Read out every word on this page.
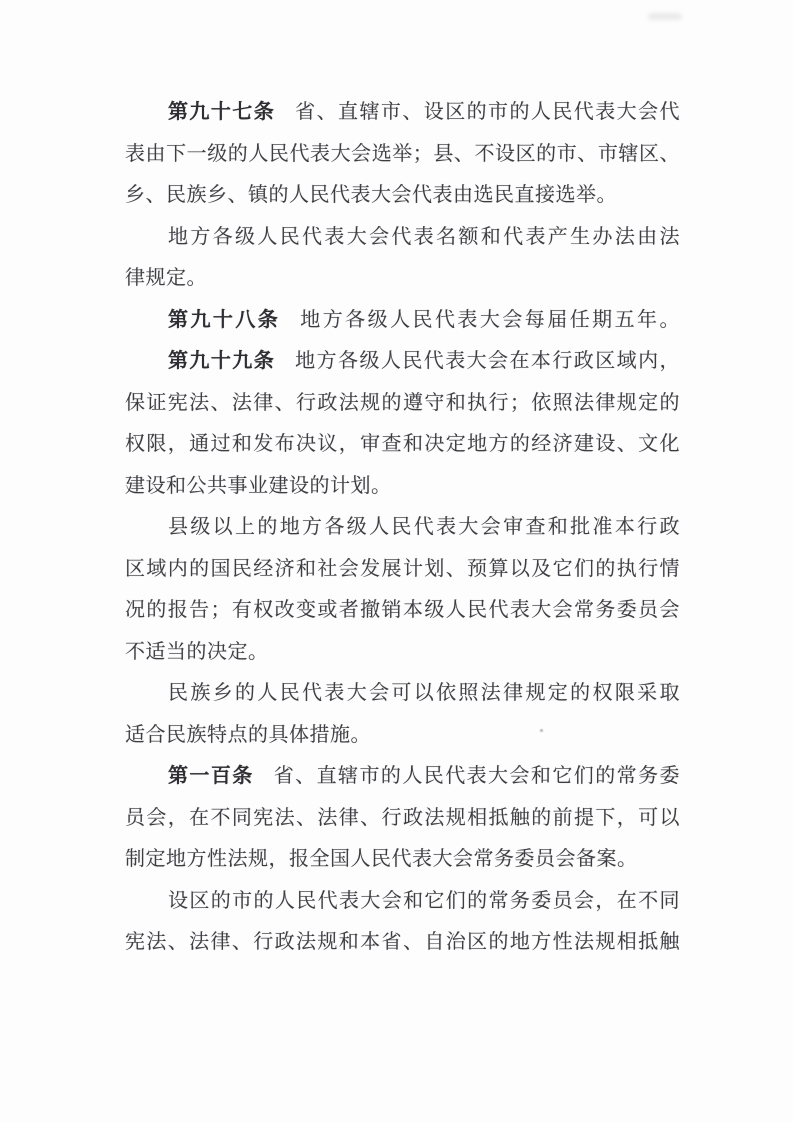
第九十七条 省、直辖市、设区的市的人民代表大会代
表由下一级的人民代表大会选举；县、不设区的市、市辖区、
乡、民族乡、镇的人民代表大会代表由选民直接选举。
地方各级人民代表大会代表名额和代表产生办法由法
律规定。
第九十八条 地方各级人民代表大会每届任期五年。
第九十九条 地方各级人民代表大会在本行政区域内，
保证宪法、法律、行政法规的遵守和执行；依照法律规定的
权限，通过和发布决议，审查和决定地方的经济建设、文化
建设和公共事业建设的计划。
县级以上的地方各级人民代表大会审查和批准本行政
区域内的国民经济和社会发展计划、预算以及它们的执行情
况的报告；有权改变或者撤销本级人民代表大会常务委员会
不适当的决定。
民族乡的人民代表大会可以依照法律规定的权限采取
适合民族特点的具体措施。
第一百条 省、直辖市的人民代表大会和它们的常务委
员会，在不同宪法、法律、行政法规相抵触的前提下，可以
制定地方性法规，报全国人民代表大会常务委员会备案。
设区的市的人民代表大会和它们的常务委员会，在不同
宪法、法律、行政法规和本省、自治区的地方性法规相抵触
